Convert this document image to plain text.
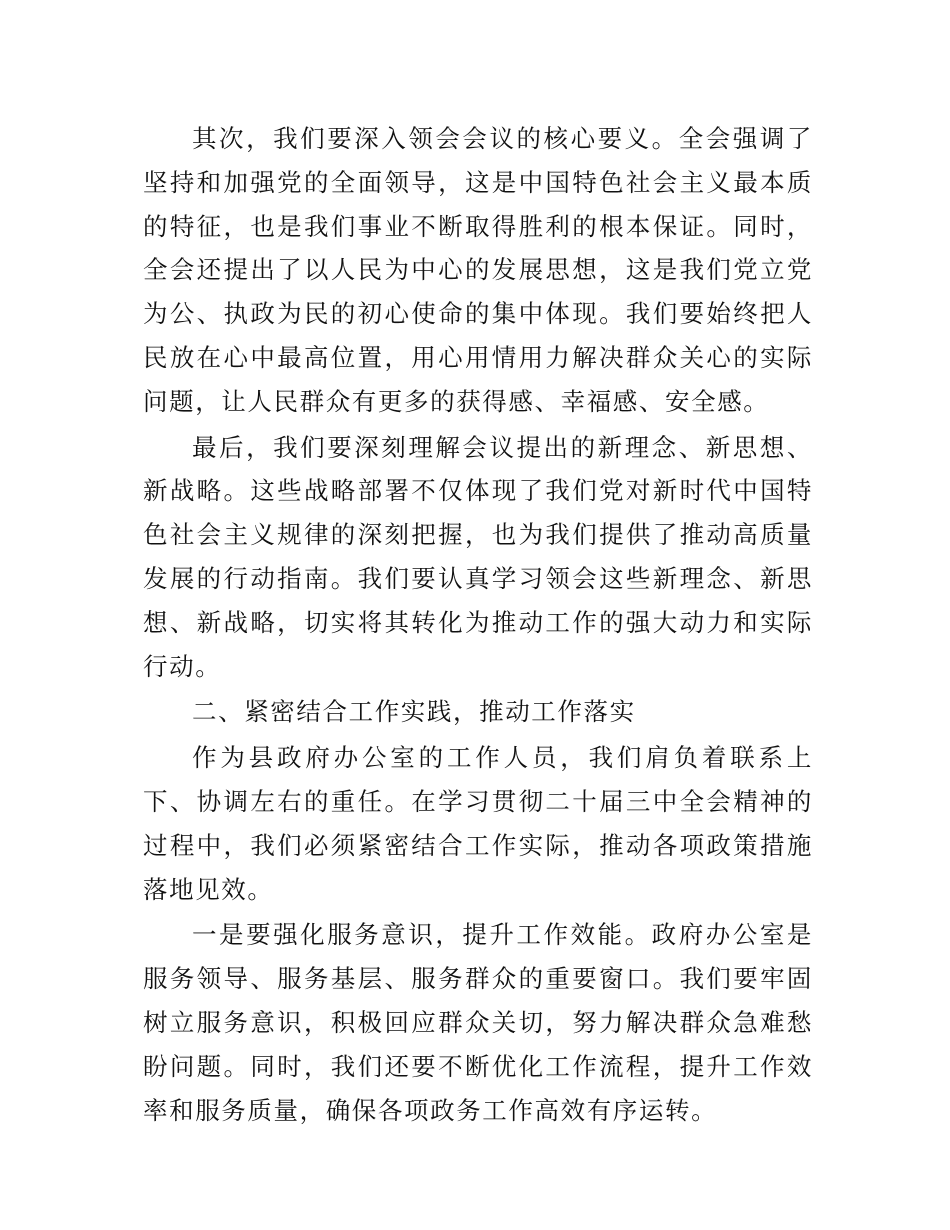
其次，我们要深入领会会议的核心要义。全会强调了坚持和加强党的全面领导，这是中国特色社会主义最本质的特征，也是我们事业不断取得胜利的根本保证。同时，全会还提出了以人民为中心的发展思想，这是我们党立党为公、执政为民的初心使命的集中体现。我们要始终把人民放在心中最高位置，用心用情用力解决群众关心的实际问题，让人民群众有更多的获得感、幸福感、安全感。

最后，我们要深刻理解会议提出的新理念、新思想、新战略。这些战略部署不仅体现了我们党对新时代中国特色社会主义规律的深刻把握，也为我们提供了推动高质量发展的行动指南。我们要认真学习领会这些新理念、新思想、新战略，切实将其转化为推动工作的强大动力和实际行动。

二、紧密结合工作实践，推动工作落实

作为县政府办公室的工作人员，我们肩负着联系上下、协调左右的重任。在学习贯彻二十届三中全会精神的过程中，我们必须紧密结合工作实际，推动各项政策措施落地见效。

一是要强化服务意识，提升工作效能。政府办公室是服务领导、服务基层、服务群众的重要窗口。我们要牢固树立服务意识，积极回应群众关切，努力解决群众急难愁盼问题。同时，我们还要不断优化工作流程，提升工作效率和服务质量，确保各项政务工作高效有序运转。
